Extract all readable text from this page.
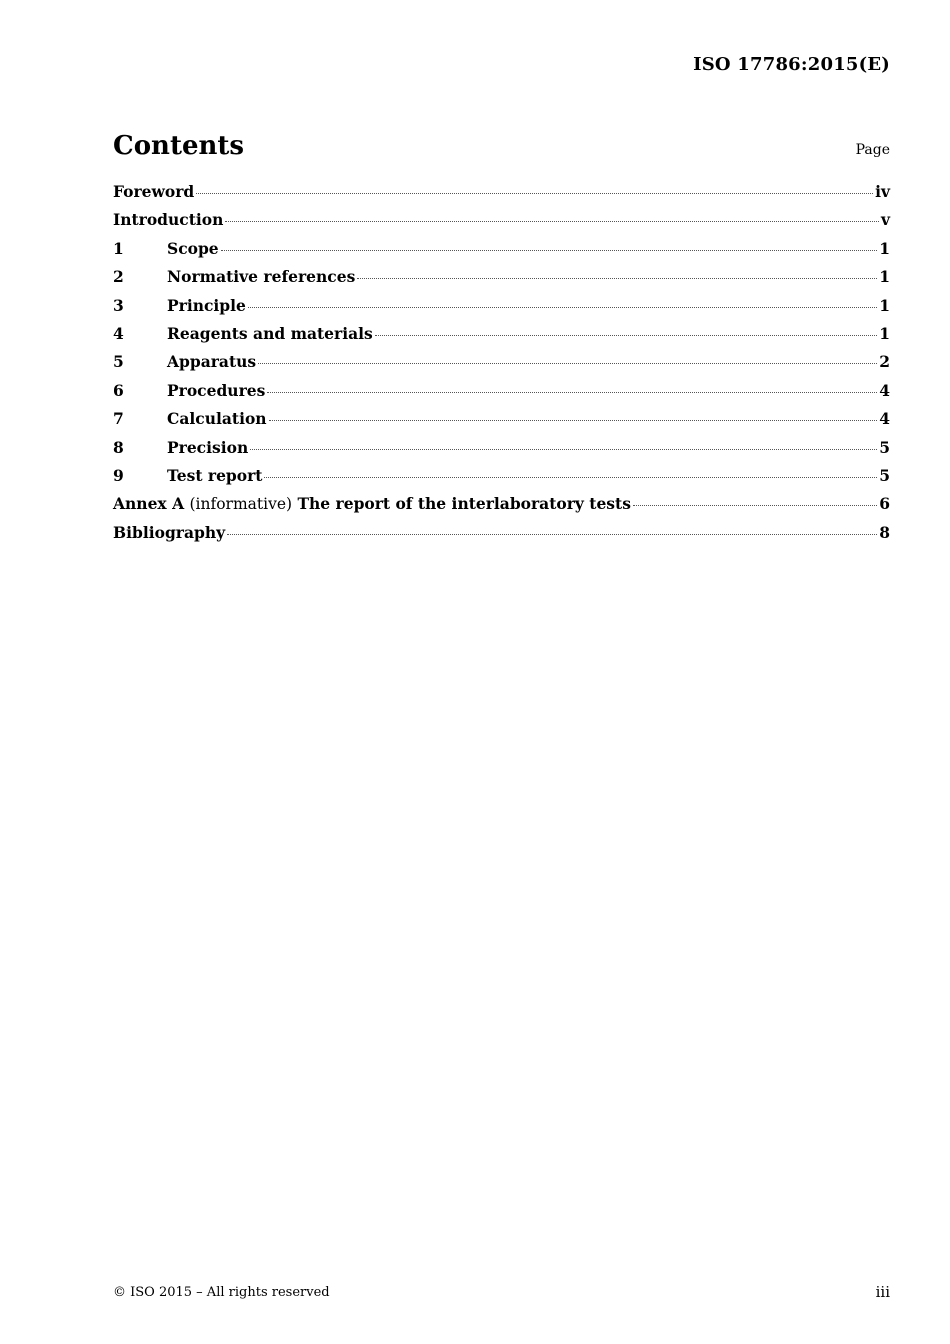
ISO 17786:2015(E)
Contents	Page
Foreword	iv
Introduction	v
1	Scope	1
2	Normative references	1
3	Principle	1
4	Reagents and materials	1
5	Apparatus	2
6	Procedures	4
7	Calculation	4
8	Precision	5
9	Test report	5
Annex A (informative) The report of the interlaboratory tests	6
Bibliography	8
© ISO 2015 – All rights reserved	iii
